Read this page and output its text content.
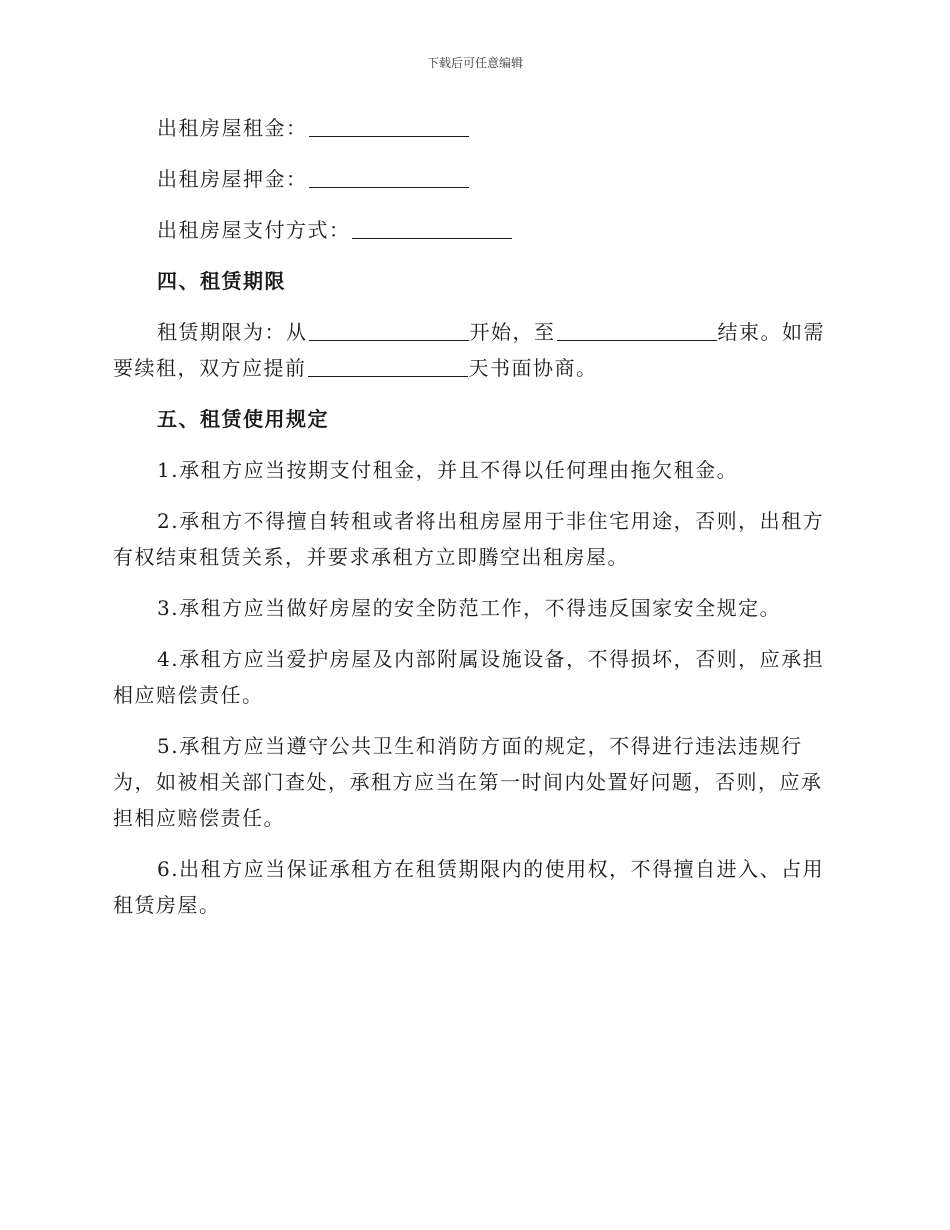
下载后可任意编辑
出租房屋租金：
出租房屋押金：
出租房屋支付方式：
四、租赁期限
租赁期限为：从	开始，至	结束。如需
要续租，双方应提前	天书面协商。
五、租赁使用规定
1.承租方应当按期支付租金，并且不得以任何理由拖欠租金。
2.承租方不得擅自转租或者将出租房屋用于非住宅用途，否则，出租方
有权结束租赁关系，并要求承租方立即腾空出租房屋。
3.承租方应当做好房屋的安全防范工作，不得违反国家安全规定。
4.承租方应当爱护房屋及内部附属设施设备，不得损坏，否则，应承担
相应赔偿责任。
5.承租方应当遵守公共卫生和消防方面的规定，不得进行违法违规行
为，如被相关部门查处，承租方应当在第一时间内处置好问题，否则，应承
担相应赔偿责任。
6.出租方应当保证承租方在租赁期限内的使用权，不得擅自进入、占用
租赁房屋。
